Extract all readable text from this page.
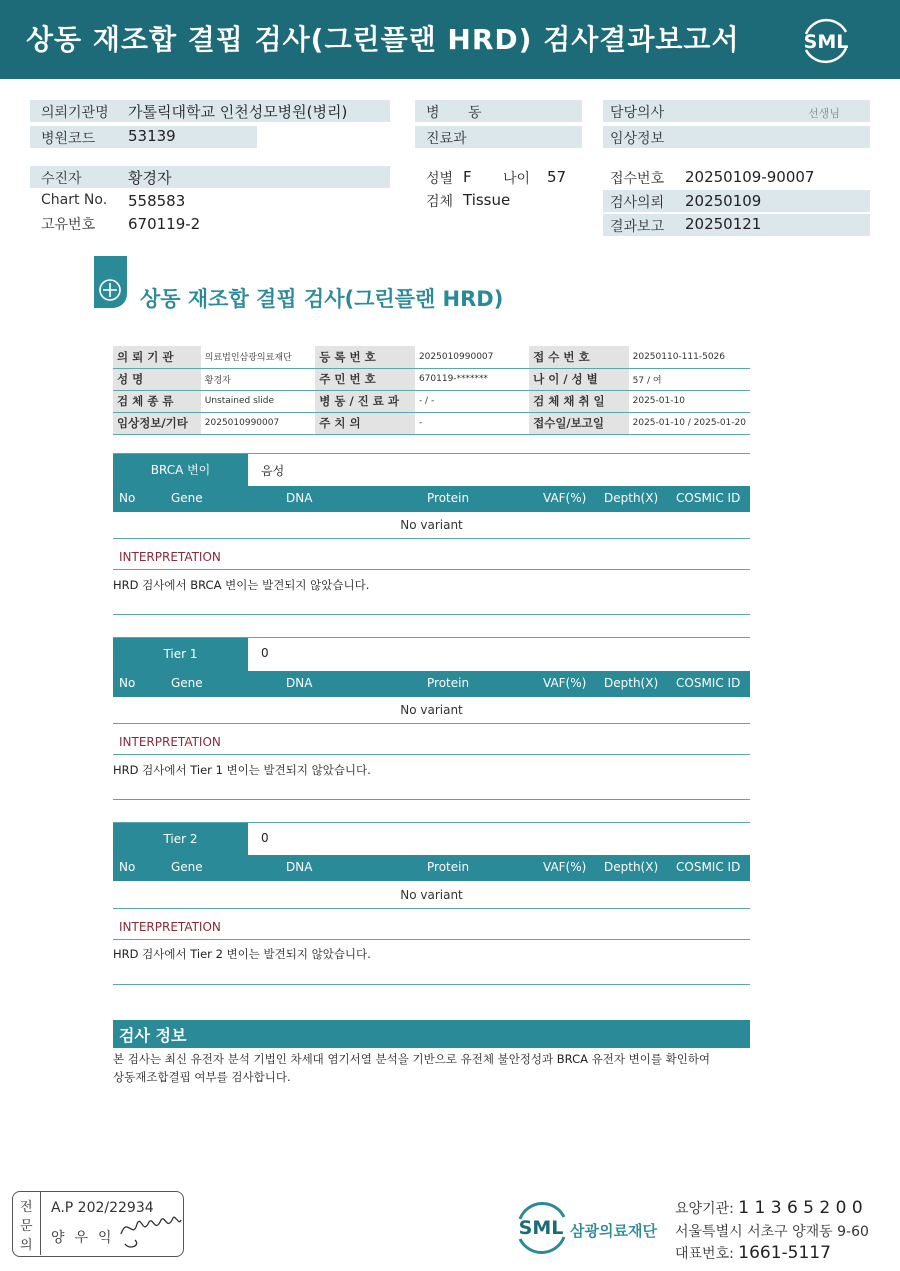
상동 재조합 결핍 검사(그린플랜 HRD) 검사결과보고서	SML
의뢰기관명 가톨릭대학교 인천성모병원(병리)
병원코드 53139
병 동
진료과
담당의사	선생님
임상정보
수진자	황경자
Chart No. 558583
고유번호 670119-2
성별 F 나이 57
검체 Tissue
접수번호 20250109-90007
검사의뢰 20250109
결과보고 20250121
상동 재조합 결핍 검사(그린플랜 HRD)
의 뢰 기 관	의료법인삼광의료재단	등 록 번 호	2025010990007	접 수 번 호	20250110-111-5026
성 명	황경자	주 민 번 호	670119-*******	나 이 / 성 별	57 / 여
검 체 종 류	Unstained slide	병 동 / 진 료 과	- / -	검 체 채 취 일	2025-01-10
임상정보/기타	2025010990007	주 치 의	-	접수일/보고일	2025-01-10 / 2025-01-20
BRCA 변이	음성
No	Gene	DNA	Protein	VAF(%) Depth(X) COSMIC ID
No variant
INTERPRETATION
HRD 검사에서 BRCA 변이는 발견되지 않았습니다.
Tier 1	0
No	Gene	DNA	Protein	VAF(%) Depth(X) COSMIC ID
No variant
INTERPRETATION
HRD 검사에서 Tier 1 변이는 발견되지 않았습니다.
Tier 2	0
No	Gene	DNA	Protein	VAF(%) Depth(X) COSMIC ID
No variant
INTERPRETATION
HRD 검사에서 Tier 2 변이는 발견되지 않았습니다.
검사 정보
본 검사는 최신 유전자 분석 기법인 차세대 염기서열 분석을 기반으로 유전체 불안정성과 BRCA 유전자 변이를 확인하여
상동재조합결핍 여부를 검사합니다.
전
문
의
A.P 202/22934
양우익	SML 삼광의료재단
요양기관: 1 1 3 6 5 2 0 0
서울특별시 서초구 양재동 9-60
대표번호: 1661-5117
